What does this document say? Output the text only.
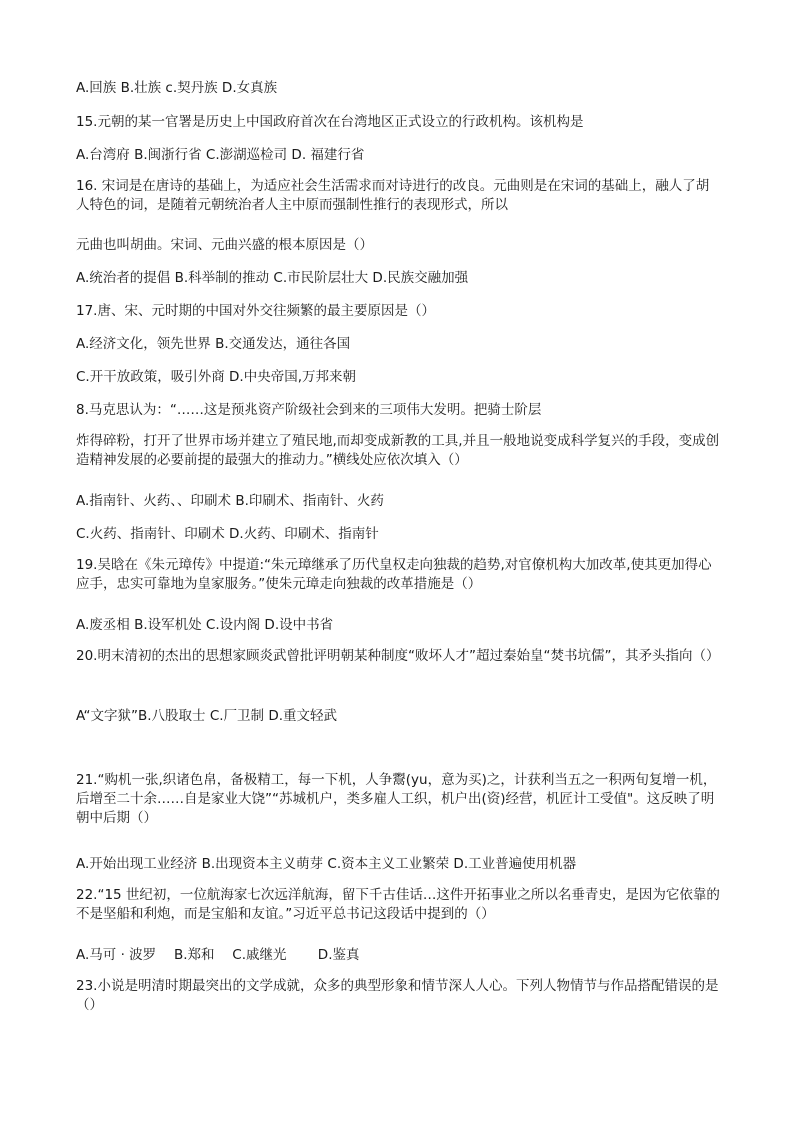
A.回族 B.壮族 c.契丹族 D.女真族
15.元朝的某一官署是历史上中国政府首次在台湾地区正式设立的行政机构。该机构是
A.台湾府 B.闽浙行省 C.澎湖巡检司 D. 福建行省
16. 宋词是在唐诗的基础上，为适应社会生活需求而对诗进行的改良。元曲则是在宋词的基础上，融人了胡人特色的词，是随着元朝统治者人主中原而强制性推行的表现形式，所以
元曲也叫胡曲。宋词、元曲兴盛的根本原因是（）
A.统治者的提倡 B.科举制的推动 C.市民阶层壮大 D.民族交融加强
17.唐、宋、元时期的中国对外交往频繁的最主要原因是（）
A.经济文化，领先世界 B.交通发达，通往各国
C.开干放政策，吸引外商 D.中央帝国,万邦来朝
8.马克思认为：“……这是预兆资产阶级社会到来的三项伟大发明。把骑士阶层
炸得碎粉，打开了世界市场并建立了殖民地,而却变成新教的工具,并且一般地说变成科学复兴的手段，变成创造精神发展的必要前提的最强大的推动力。”横线处应依次填入（）
A.指南针、火药、、印刷术 B.印刷术、指南针、火药
C.火药、指南针、印刷术 D.火药、印刷术、指南针
19.吴晗在《朱元璋传》中提道:“朱元璋继承了历代皇权走向独裁的趋势,对官僚机构大加改革,使其更加得心应手，忠实可靠地为皇家服务。”使朱元璋走向独裁的改革措施是（）
A.废丞相 B.设军机处 C.设内阁 D.设中书省
20.明末清初的杰出的思想家顾炎武曾批评明朝某种制度“败坏人才”超过秦始皇“焚书坑儒”，其矛头指向（）
A“文字狱”B.八股取士 C.厂卫制 D.重文轻武
21.“购机一张,织诸色帛，备极精工，每一下机，人争鬻(yu，意为买)之，计获利当五之一积两旬复增一机，后增至二十余……自是家业大饶”“苏城机户，类多雇人工织，机户出(资)经营，机匠计工受值"。这反映了明朝中后期（）
A.开始出现工业经济 B.出现资本主义萌芽 C.资本主义工业繁荣 D.工业普遍使用机器
22.“15 世纪初，一位航海家七次远洋航海，留下千古佳话…这件开拓事业之所以名垂青史，是因为它依靠的不是坚船和利炮，而是宝船和友谊。”习近平总书记这段话中提到的（）
A.马可 · 波罗　 B.郑和　 C.戚继光　　 D.鉴真
23.小说是明清时期最突出的文学成就，众多的典型形象和情节深人人心。下列人物情节与作品搭配错误的是（）
